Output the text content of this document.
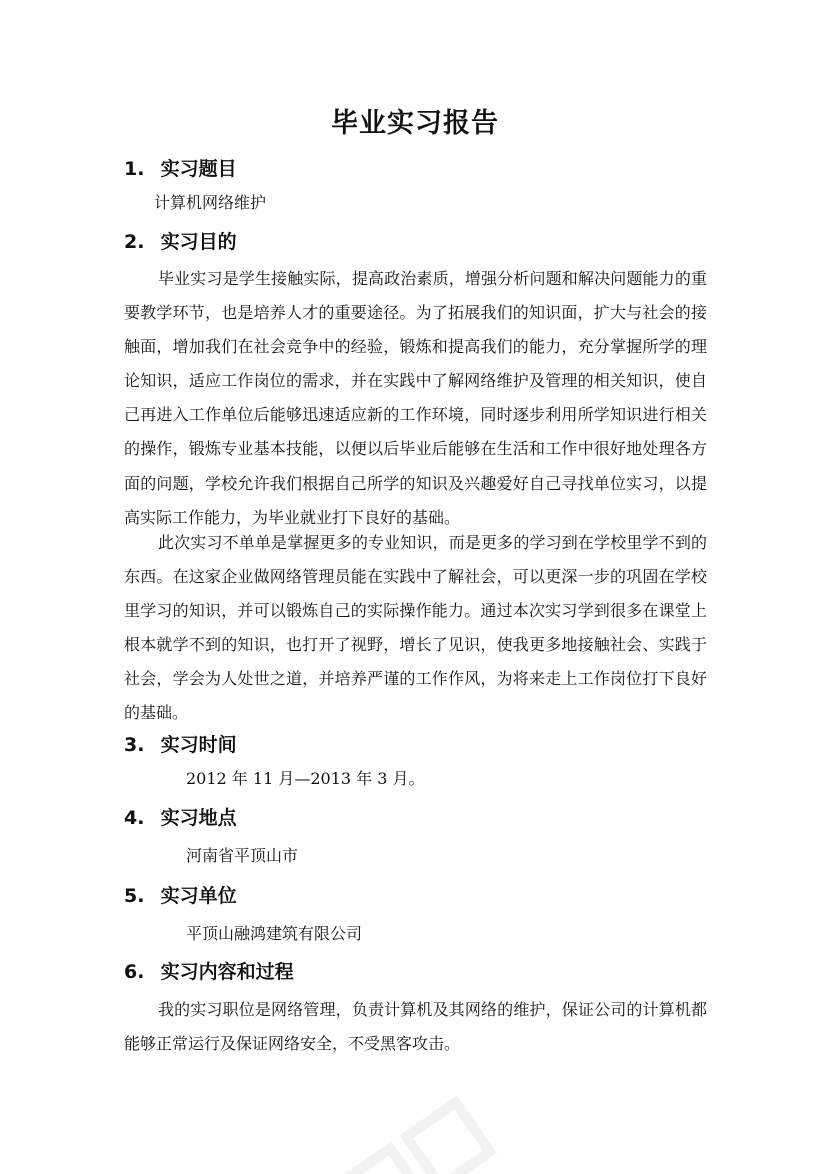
毕业实习报告
1. 实习题目
计算机网络维护
2. 实习目的

毕业实习是学生接触实际，提高政治素质，增强分析问题和解决问题能力的重要教学环节，也是培养人才的重要途径。为了拓展我们的知识面，扩大与社会的接触面，增加我们在社会竞争中的经验，锻炼和提高我们的能力，充分掌握所学的理论知识，适应工作岗位的需求，并在实践中了解网络维护及管理的相关知识，使自己再进入工作单位后能够迅速适应新的工作环境，同时逐步利用所学知识进行相关的操作，锻炼专业基本技能，以便以后毕业后能够在生活和工作中很好地处理各方面的问题，学校允许我们根据自己所学的知识及兴趣爱好自己寻找单位实习，以提高实际工作能力，为毕业就业打下良好的基础。

此次实习不单单是掌握更多的专业知识，而是更多的学习到在学校里学不到的东西。在这家企业做网络管理员能在实践中了解社会，可以更深一步的巩固在学校里学习的知识，并可以锻炼自己的实际操作能力。通过本次实习学到很多在课堂上根本就学不到的知识，也打开了视野，增长了见识，使我更多地接触社会、实践于社会，学会为人处世之道，并培养严谨的工作作风，为将来走上工作岗位打下良好的基础。

3. 实习时间
2012 年 11 月—2013 年 3 月。
4. 实习地点
河南省平顶山市
5. 实习单位
平顶山融鸿建筑有限公司
6. 实习内容和过程

我的实习职位是网络管理，负责计算机及其网络的维护，保证公司的计算机都能够正常运行及保证网络安全，不受黑客攻击。
